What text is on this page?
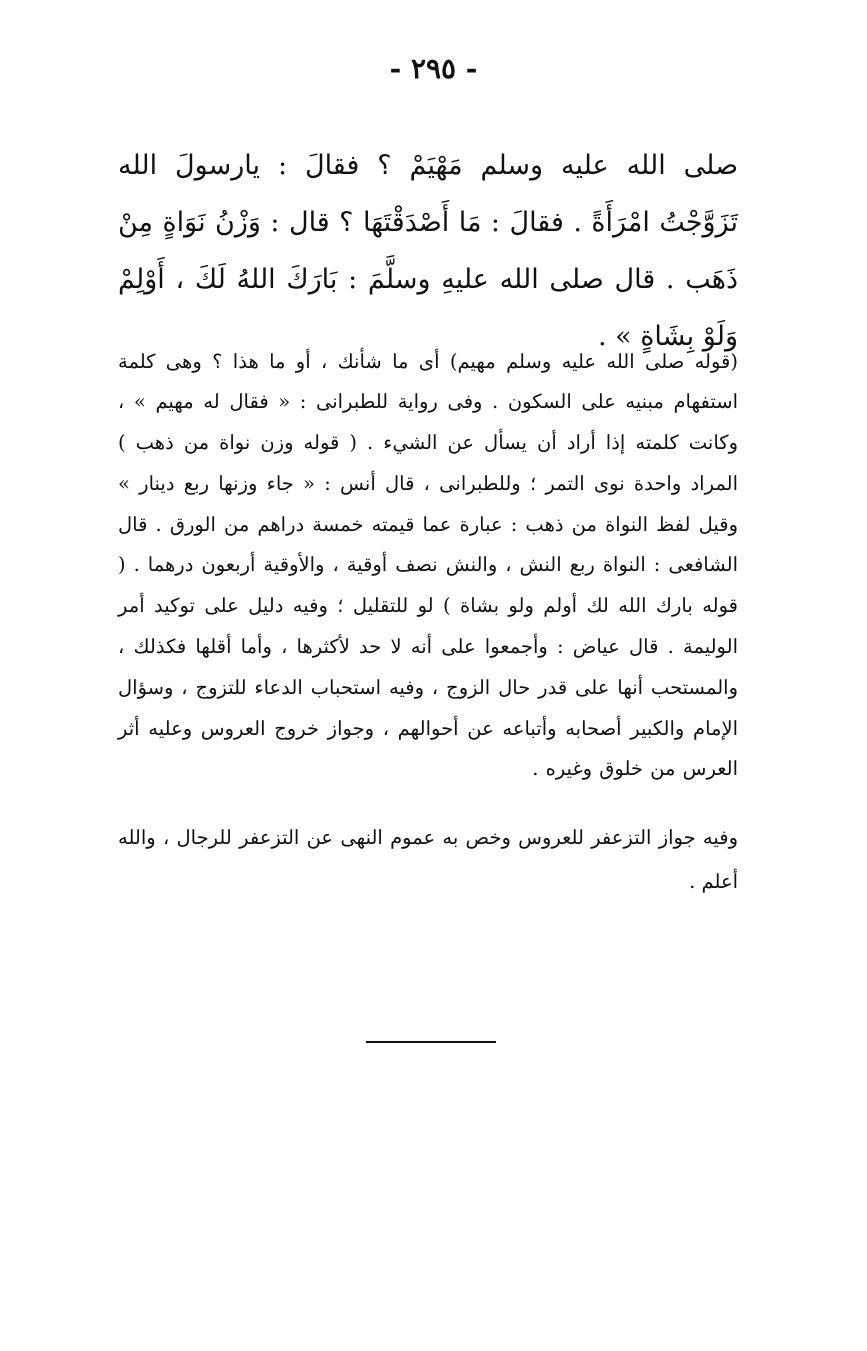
- ٢٩٥ -

صلى الله عليه وسلم مَهْيَمْ ؟ فقالَ : يارسولَ الله تَزَوَّجْتُ امْرَأَةً . فقالَ : مَا أَصْدَقْتَهَا ؟ قال : وَزْنُ نَوَاةٍ مِنْ ذَهَب . قال صلى الله عليهِ وسلَّمَ : بَارَكَ اللهُ لَكَ ، أَوْلِمْ وَلَوْ بِشَاةٍ » .

(قوله صلى الله عليه وسلم مهيم) أى ما شأنك ، أو ما هذا ؟ وهى كلمة استفهام مبنيه على السكون . وفى رواية للطبرانى : « فقال له مهيم » ، وكانت كلمته إذا أراد أن يسأل عن الشيء . ( قوله وزن نواة من ذهب ) المراد واحدة نوى التمر ؛ وللطبرانى ، قال أنس : « جاء وزنها ربع دينار » وقيل لفظ النواة من ذهب : عبارة عما قيمته خمسة دراهم من الورق . قال الشافعى : النواة ربع النش ، والنش نصف أوقية ، والأوقية أربعون درهما . ( قوله بارك الله لك أولم ولو بشاة ) لو للتقليل ؛ وفيه دليل على توكيد أمر الوليمة . قال عياض : وأجمعوا على أنه لا حد لأكثرها ، وأما أقلها فكذلك ، والمستحب أنها على قدر حال الزوج ، وفيه استحباب الدعاء للتزوج ، وسؤال الإمام والكبير أصحابه وأتباعه عن أحوالهم ، وجواز خروج العروس وعليه أثر العرس من خلوق وغيره .

وفيه جواز التزعفر للعروس وخص به عموم النهى عن التزعفر للرجال ، والله أعلم .
